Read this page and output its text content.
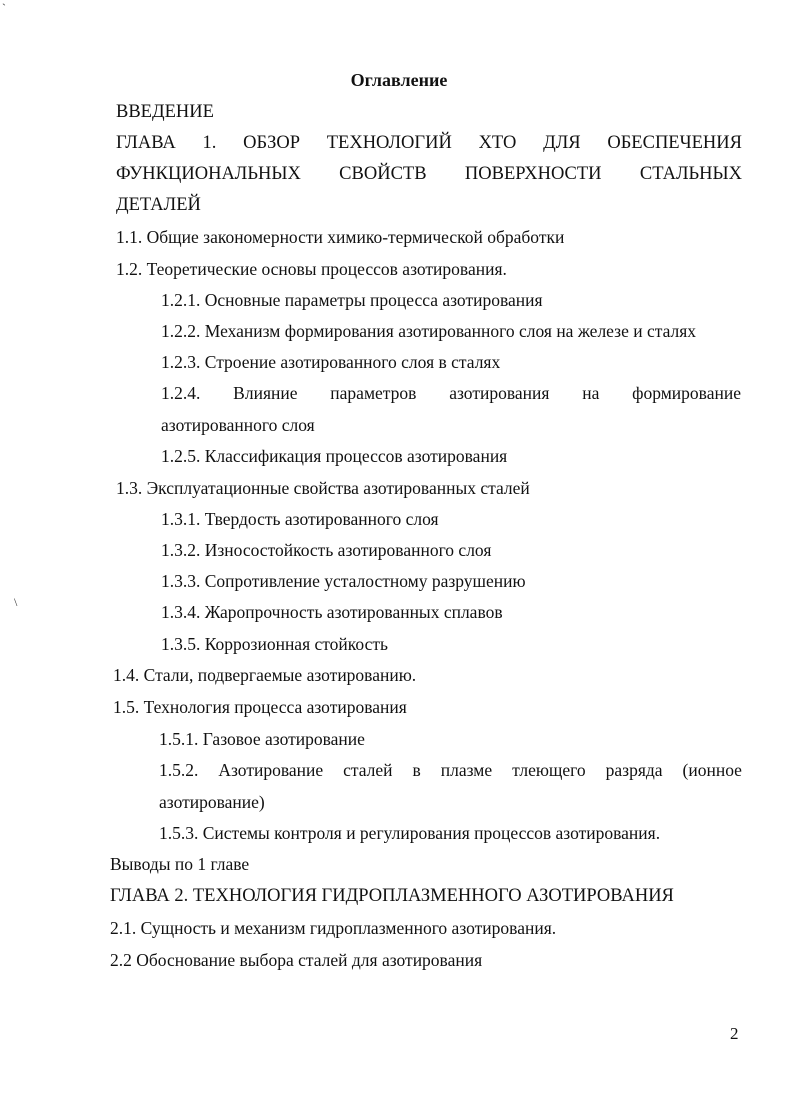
`
\
Оглавление
ВВЕДЕНИЕ
ГЛАВА 1. ОБЗОР ТЕХНОЛОГИЙ ХТО ДЛЯ ОБЕСПЕЧЕНИЯ
ФУНКЦИОНАЛЬНЫХ СВОЙСТВ ПОВЕРХНОСТИ СТАЛЬНЫХ
ДЕТАЛЕЙ
1.1. Общие закономерности химико-термической обработки
1.2. Теоретические основы процессов азотирования.
1.2.1. Основные параметры процесса азотирования
1.2.2. Механизм формирования азотированного слоя на железе и сталях
1.2.3. Строение азотированного слоя в сталях
1.2.4. Влияние параметров азотирования на формирование
азотированного слоя
1.2.5. Классификация процессов азотирования
1.3. Эксплуатационные свойства азотированных сталей
1.3.1. Твердость азотированного слоя
1.3.2. Износостойкость азотированного слоя
1.3.3. Сопротивление усталостному разрушению
1.3.4. Жаропрочность азотированных сплавов
1.3.5. Коррозионная стойкость
1.4. Стали, подвергаемые азотированию.
1.5. Технология процесса азотирования
1.5.1. Газовое азотирование
1.5.2. Азотирование сталей в плазме тлеющего разряда (ионное
азотирование)
1.5.3. Системы контроля и регулирования процессов азотирования.
Выводы по 1 главе
ГЛАВА 2. ТЕХНОЛОГИЯ ГИДРОПЛАЗМЕННОГО АЗОТИРОВАНИЯ
2.1. Сущность и механизм гидроплазменного азотирования.
2.2 Обоснование выбора сталей для азотирования
2
